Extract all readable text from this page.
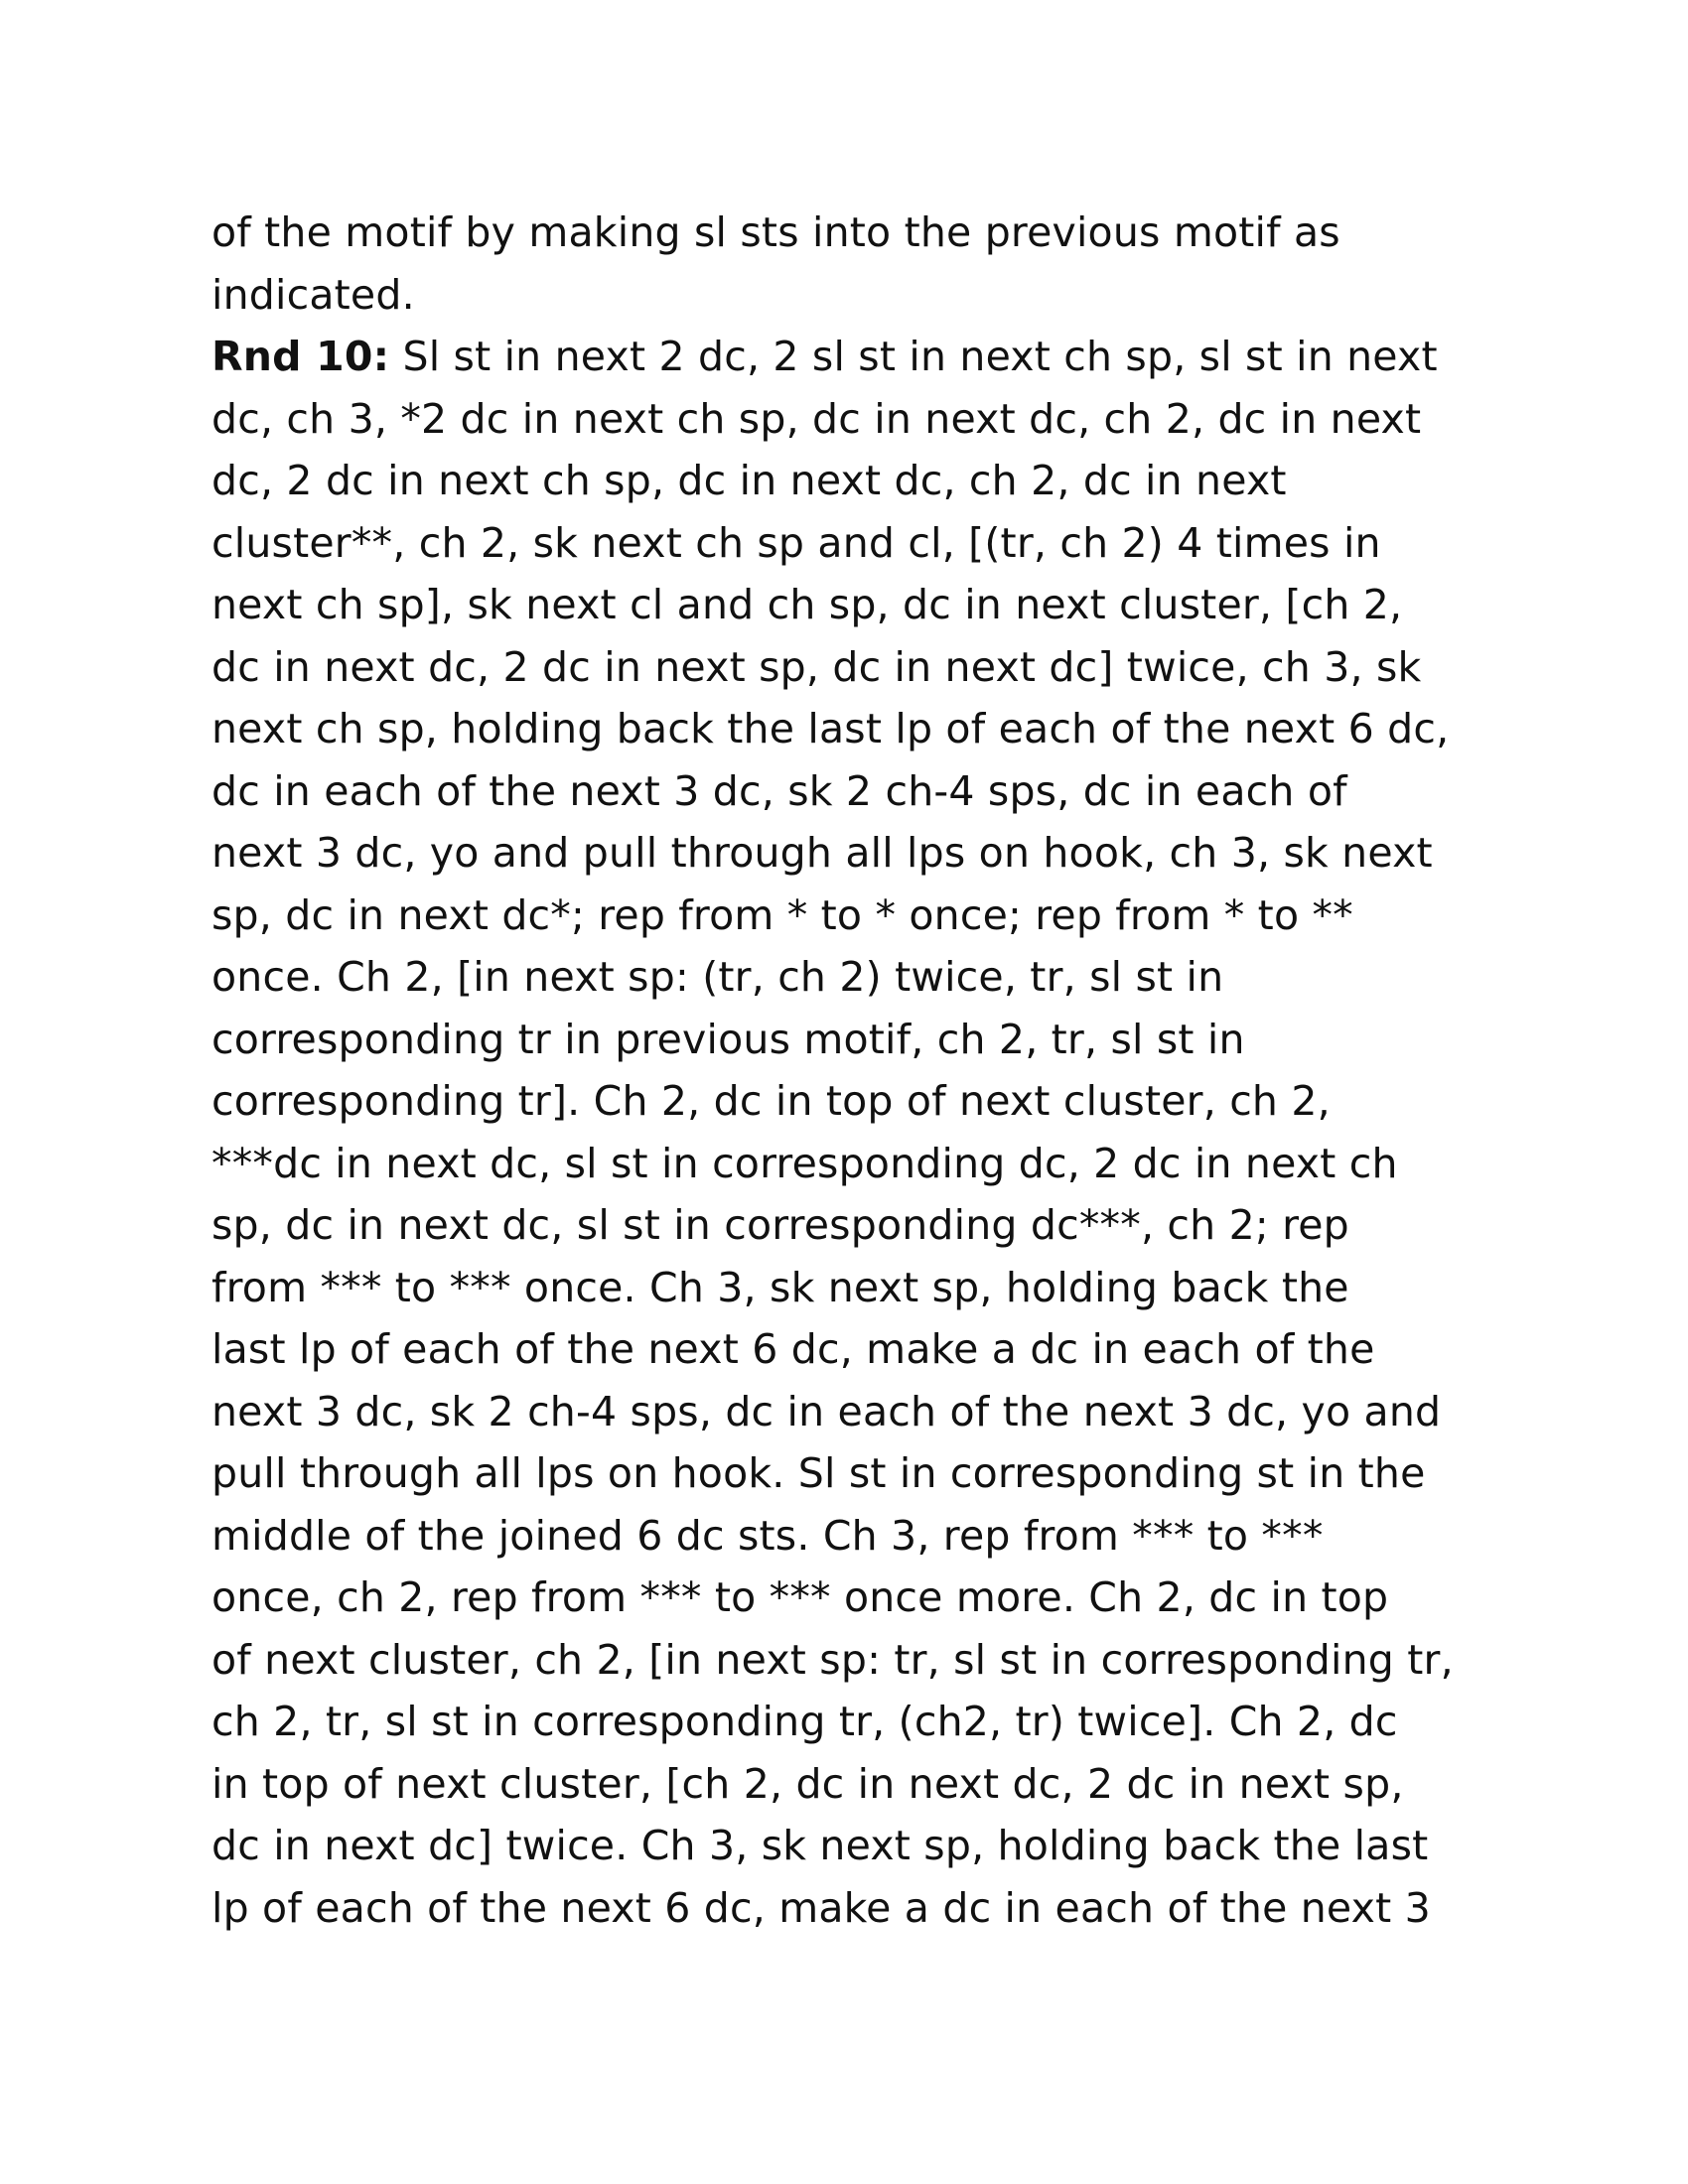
of the motif by making sl sts into the previous motif as
indicated.
Rnd 10: Sl st in next 2 dc, 2 sl st in next ch sp, sl st in next
dc, ch 3, *2 dc in next ch sp, dc in next dc, ch 2, dc in next
dc, 2 dc in next ch sp, dc in next dc, ch 2, dc in next
cluster**, ch 2, sk next ch sp and cl, [(tr, ch 2) 4 times in
next ch sp], sk next cl and ch sp, dc in next cluster, [ch 2,
dc in next dc, 2 dc in next sp, dc in next dc] twice, ch 3, sk
next ch sp, holding back the last lp of each of the next 6 dc,
dc in each of the next 3 dc, sk 2 ch-4 sps, dc in each of
next 3 dc, yo and pull through all lps on hook, ch 3, sk next
sp, dc in next dc*; rep from * to * once; rep from * to **
once. Ch 2, [in next sp: (tr, ch 2) twice, tr, sl st in
corresponding tr in previous motif, ch 2, tr, sl st in
corresponding tr]. Ch 2, dc in top of next cluster, ch 2,
***dc in next dc, sl st in corresponding dc, 2 dc in next ch
sp, dc in next dc, sl st in corresponding dc***, ch 2; rep
from *** to *** once. Ch 3, sk next sp, holding back the
last lp of each of the next 6 dc, make a dc in each of the
next 3 dc, sk 2 ch-4 sps, dc in each of the next 3 dc, yo and
pull through all lps on hook. Sl st in corresponding st in the
middle of the joined 6 dc sts. Ch 3, rep from *** to ***
once, ch 2, rep from *** to *** once more. Ch 2, dc in top
of next cluster, ch 2, [in next sp: tr, sl st in corresponding tr,
ch 2, tr, sl st in corresponding tr, (ch2, tr) twice]. Ch 2, dc
in top of next cluster, [ch 2, dc in next dc, 2 dc in next sp,
dc in next dc] twice. Ch 3, sk next sp, holding back the last
lp of each of the next 6 dc, make a dc in each of the next 3
